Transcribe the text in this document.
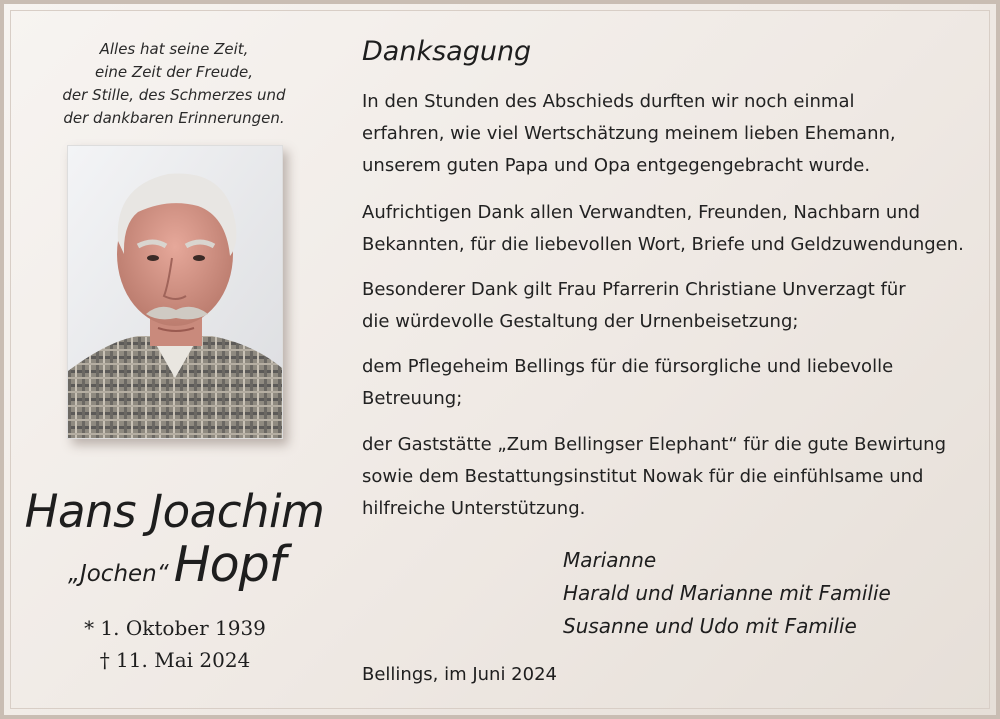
Alles hat seine Zeit,
eine Zeit der Freude,
der Stille, des Schmerzes und
der dankbaren Erinnerungen.
Hans Joachim
„Jochen“ Hopf
* 1. Oktober 1939
† 11. Mai 2024
Danksagung
In den Stunden des Abschieds durften wir noch einmal
erfahren, wie viel Wertschätzung meinem lieben Ehemann,
unserem guten Papa und Opa entgegengebracht wurde.
Aufrichtigen Dank allen Verwandten, Freunden, Nachbarn und
Bekannten, für die liebevollen Wort, Briefe und Geldzuwendungen.
Besonderer Dank gilt Frau Pfarrerin Christiane Unverzagt für
die würdevolle Gestaltung der Urnenbeisetzung;
dem Pflegeheim Bellings für die fürsorgliche und liebevolle
Betreuung;
der Gaststätte „Zum Bellingser Elephant“ für die gute Bewirtung
sowie dem Bestattungsinstitut Nowak für die einfühlsame und
hilfreiche Unterstützung.
Marianne
Harald und Marianne mit Familie
Susanne und Udo mit Familie
Bellings, im Juni 2024
